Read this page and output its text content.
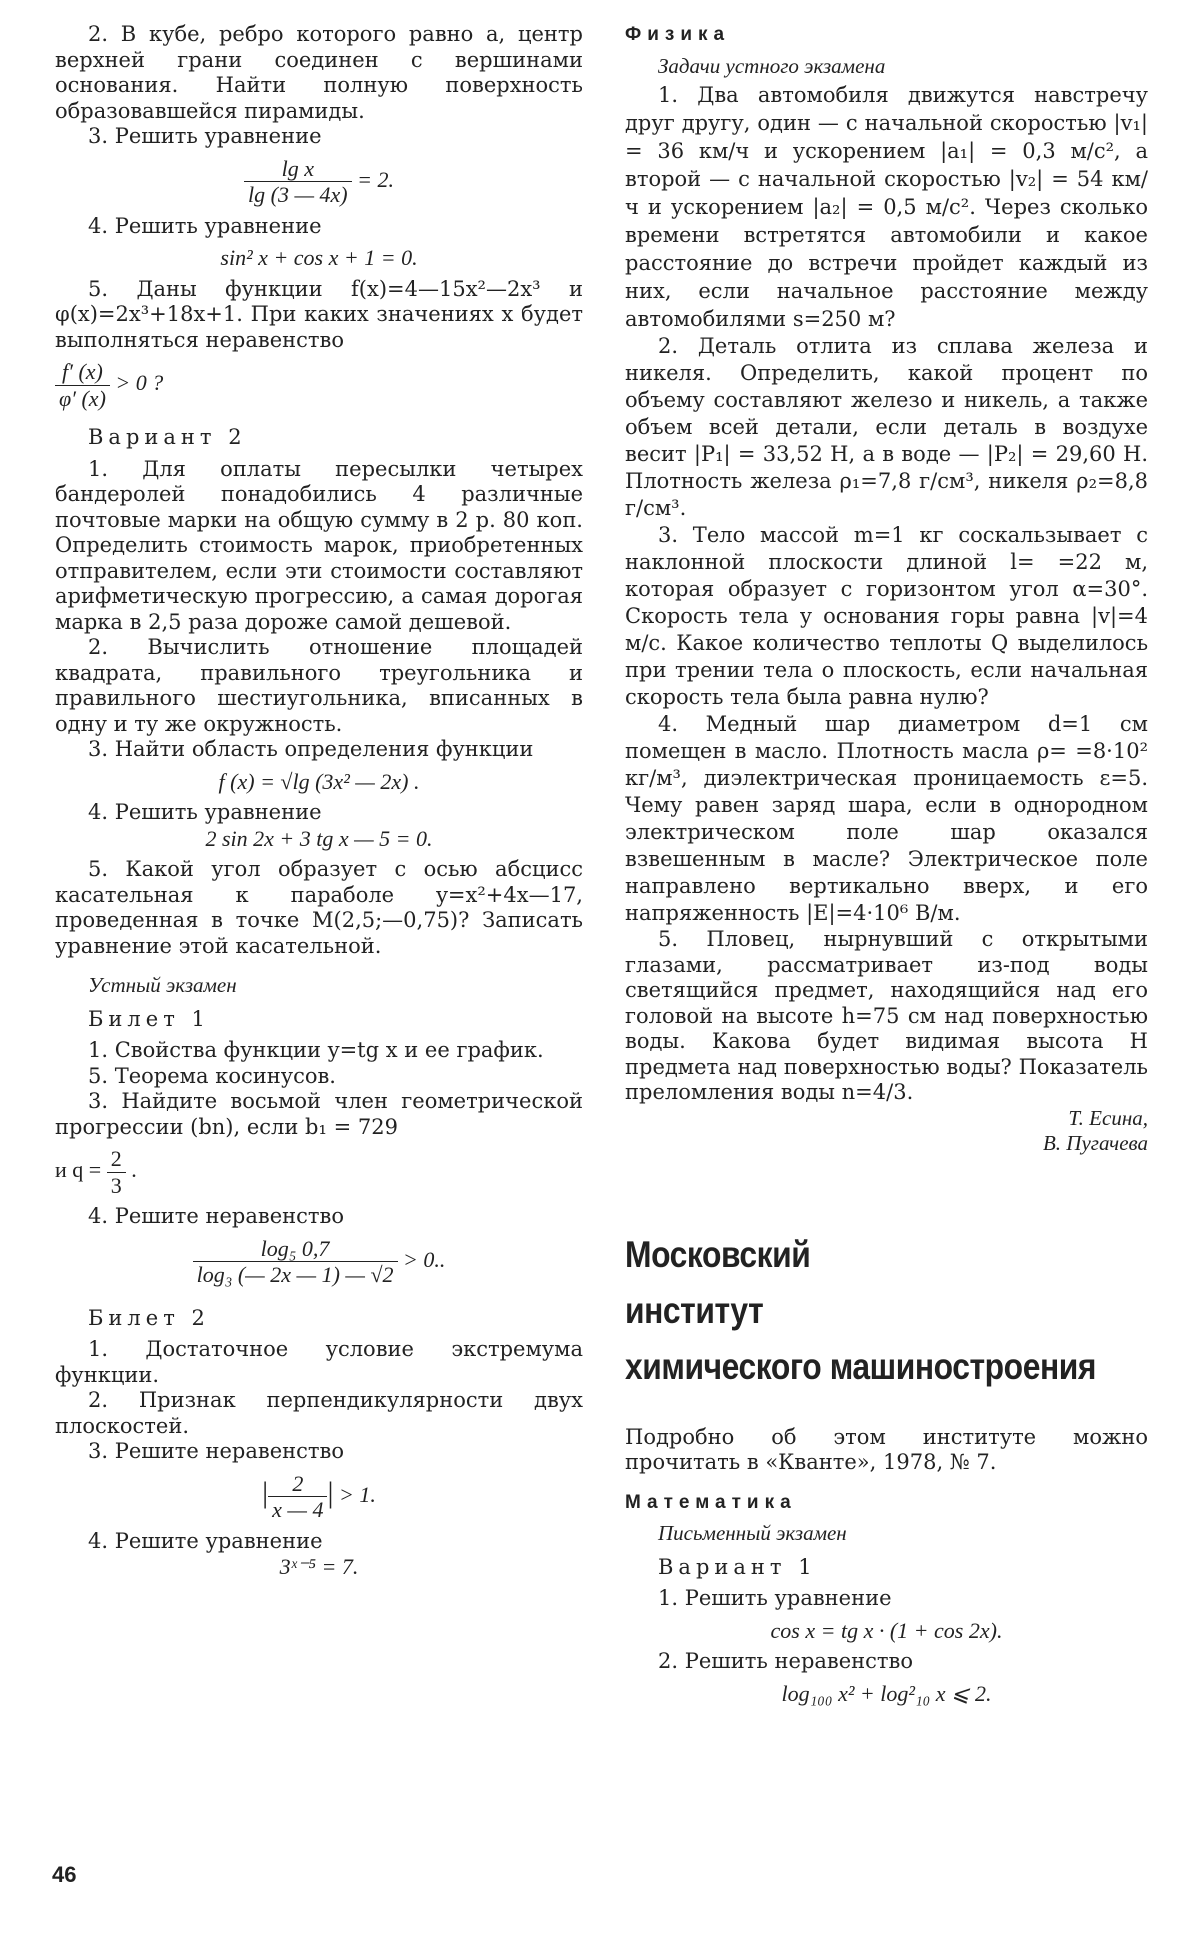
2. В кубе, ребро которого равно a, центр верхней грани соединен с вершинами основания. Найти полную поверхность образовавшейся пирамиды.

3. Решить уравнение

$\frac{\text{lg x}}{\lg (3 — 4x)} = 2$.

4. Решить уравнение

sin² x + cos x + 1 = 0.

5. Даны функции f(x)=4—15x²—2x³ и φ(x)=2x³+18x+1. При каких значениях x будет выполняться неравенство

$\frac{f' (x)}{\varphi' (x)} > 0$ ?

Вариант 2

1. Для оплаты пересылки четырех бандеролей понадобились 4 различные почтовые марки на общую сумму в 2 р. 80 коп. Определить стоимость марок, приобретенных отправителем, если эти стоимости составляют арифметическую прогрессию, а самая дорогая марка в 2,5 раза дороже самой дешевой.

2. Вычислить отношение площадей квадрата, правильного треугольника и правильного шестиугольника, вписанных в одну и ту же окружность.

3. Найти область определения функции

f (x) = √lg (3x² — 2x) .

4. Решить уравнение

2 sin 2x + 3 tg x — 5 = 0.

5. Какой угол образует с осью абсцисс касательная к параболе y=x²+4x—17, проведенная в точке M(2,5;—0,75)? Записать уравнение этой касательной.

Устный экзамен

Билет 1

1. Свойства функции y=tg x и ее график.

5. Теорема косинусов.

3. Найдите восьмой член геометрической прогрессии (bn), если b₁ = 729

и $q = \frac{2}{3}$ .

4. Решите неравенство

$\frac{\text{log₅ 0,7}}{\text{log₃ (— 2x — 1) — √2}} > 0$..

Билет 2

1. Достаточное условие экстремума функции.

2. Признак перпендикулярности двух плоскостей.

3. Решите неравенство

| $\frac{2}{x — 4}$ | > 1.

4. Решите уравнение

3ˣ⁻⁵ = 7.

Физика

Задачи устного экзамена

1. Два автомобиля движутся навстречу друг другу, один — с начальной скоростью |v₁| = 36 км/ч и ускорением |a₁| = 0,3 м/с², а второй — с начальной скоростью |v₂| = 54 км/ч и ускорением |a₂| = 0,5 м/с². Через сколько времени встретятся автомобили и какое расстояние до встречи пройдет каждый из них, если начальное расстояние между автомобилями s=250 м?

2. Деталь отлита из сплава железа и никеля. Определить, какой процент по объему составляют железо и никель, а также объем всей детали, если деталь в воздухе весит |P₁| = 33,52 Н, а в воде — |P₂| = 29,60 Н. Плотность железа ρ₁=7,8 г/см³, никеля ρ₂=8,8 г/см³.

3. Тело массой m=1 кг соскальзывает с наклонной плоскости длиной l= =22 м, которая образует с горизонтом угол α=30°. Скорость тела у основания горы равна |v|=4 м/с. Какое количество теплоты Q выделилось при трении тела о плоскость, если начальная скорость тела была равна нулю?

4. Медный шар диаметром d=1 см помещен в масло. Плотность масла ρ= =8·10² кг/м³, диэлектрическая проницаемость ε=5. Чему равен заряд шара, если в однородном электрическом поле шар оказался взвешенным в масле? Электрическое поле направлено вертикально вверх, и его напряженность |E|=4·10⁶ В/м.

5. Пловец, нырнувший с открытыми глазами, рассматривает из-под воды светящийся предмет, находящийся над его головой на высоте h=75 см над поверхностью воды. Какова будет видимая высота H предмета над поверхностью воды? Показатель преломления воды n=4/3.

Т. Есина,

В. Пугачева

Московский
институт
химического машиностроения

Подробно об этом институте можно прочитать в «Кванте», 1978, № 7.

Математика

Письменный экзамен

Вариант 1

1. Решить уравнение

cos x = tg x · (1 + cos 2x).

2. Решить неравенство

log₁₀₀ x² + log²₁₀ x ⩽ 2.
46
